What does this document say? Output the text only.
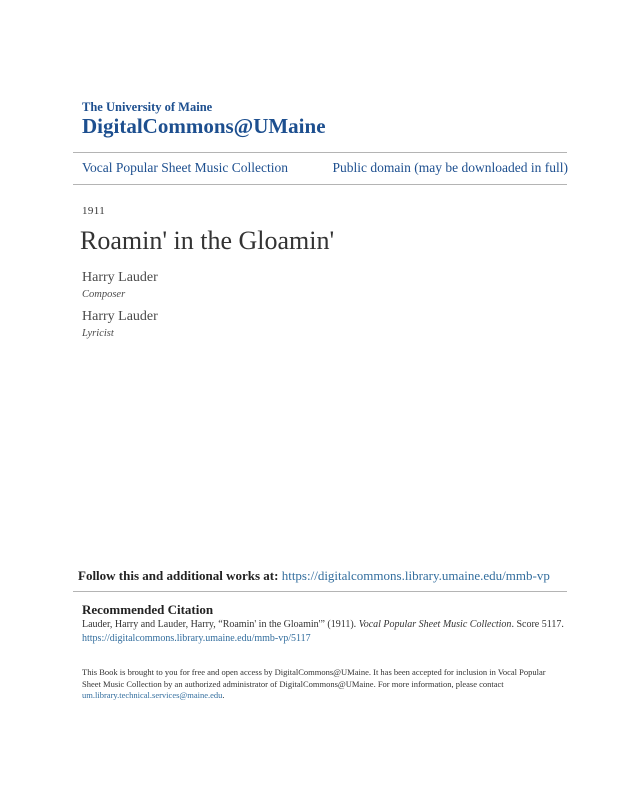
The University of Maine
DigitalCommons@UMaine
Vocal Popular Sheet Music Collection	Public domain (may be downloaded in full)
1911
Roamin' in the Gloamin'
Harry Lauder
Composer
Harry Lauder
Lyricist
Follow this and additional works at: https://digitalcommons.library.umaine.edu/mmb-vp
Recommended Citation
Lauder, Harry and Lauder, Harry, “Roamin' in the Gloamin'” (1911). Vocal Popular Sheet Music Collection. Score 5117.
https://digitalcommons.library.umaine.edu/mmb-vp/5117
This Book is brought to you for free and open access by DigitalCommons@UMaine. It has been accepted for inclusion in Vocal Popular Sheet Music Collection by an authorized administrator of DigitalCommons@UMaine. For more information, please contact um.library.technical.services@maine.edu.
